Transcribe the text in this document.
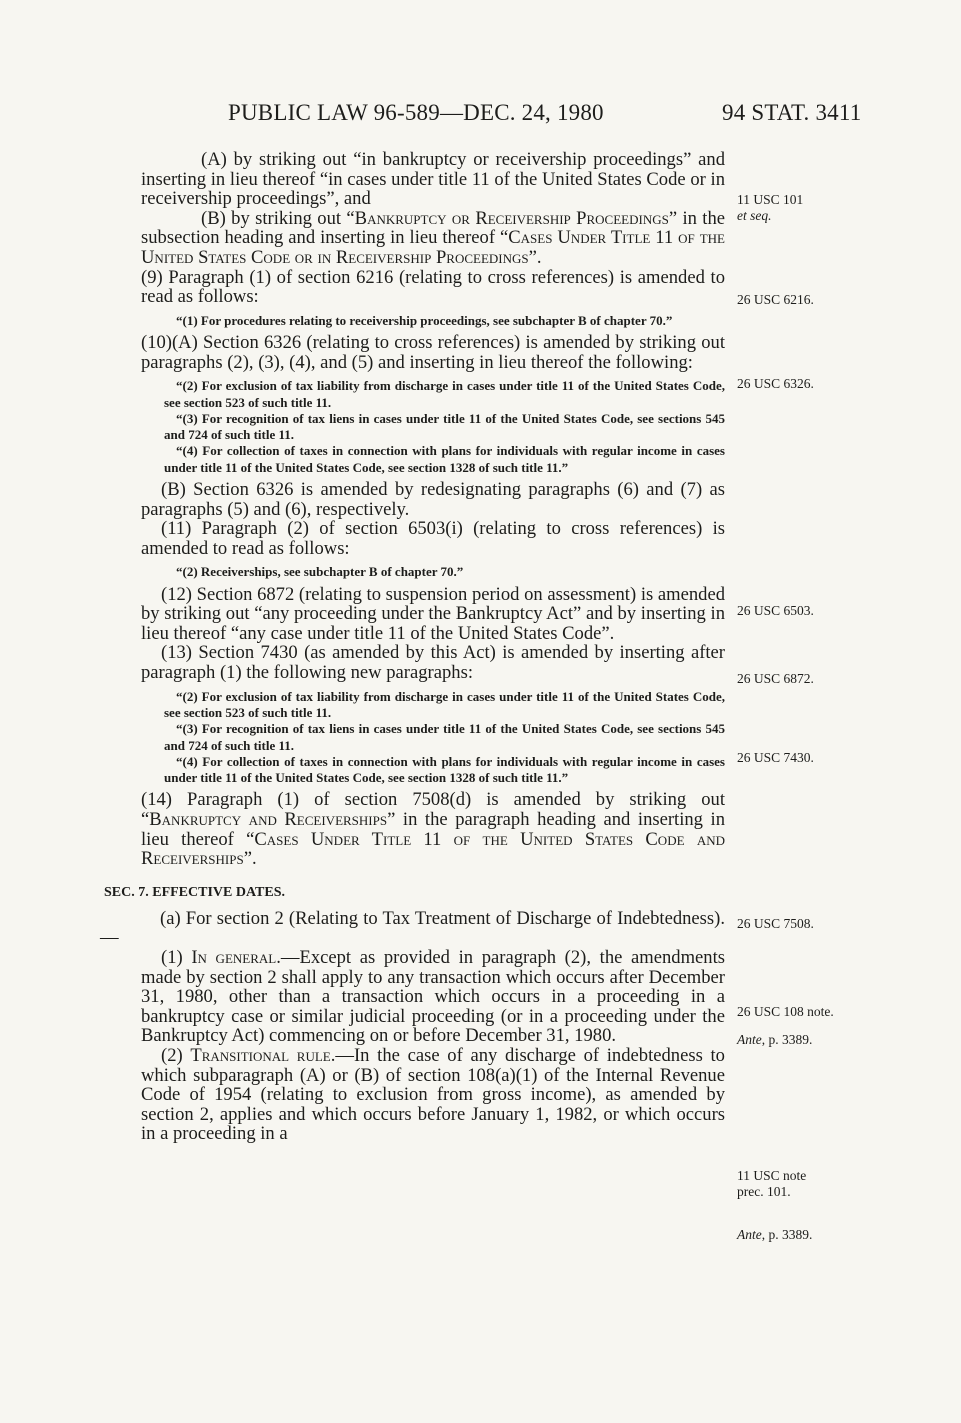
PUBLIC LAW 96-589—DEC. 24, 1980	94 STAT. 3411

(A) by striking out “in bankruptcy or receivership proceedings” and inserting in lieu thereof “in cases under title 11 of the United States Code or in receivership proceedings”, and

(B) by striking out “Bankruptcy or Receivership Proceedings” in the subsection heading and inserting in lieu thereof “Cases Under Title 11 of the United States Code or in Receivership Proceedings”.

(9) Paragraph (1) of section 6216 (relating to cross references) is amended to read as follows:

“(1) For procedures relating to receivership proceedings, see subchapter B of chapter 70.”

(10)(A) Section 6326 (relating to cross references) is amended by striking out paragraphs (2), (3), (4), and (5) and inserting in lieu thereof the following:

“(2) For exclusion of tax liability from discharge in cases under title 11 of the United States Code, see section 523 of such title 11.

“(3) For recognition of tax liens in cases under title 11 of the United States Code, see sections 545 and 724 of such title 11.

“(4) For collection of taxes in connection with plans for individuals with regular income in cases under title 11 of the United States Code, see section 1328 of such title 11.”

(B) Section 6326 is amended by redesignating paragraphs (6) and (7) as paragraphs (5) and (6), respectively.

(11) Paragraph (2) of section 6503(i) (relating to cross references) is amended to read as follows:

“(2) Receiverships, see subchapter B of chapter 70.”

(12) Section 6872 (relating to suspension period on assessment) is amended by striking out “any proceeding under the Bankruptcy Act” and by inserting in lieu thereof “any case under title 11 of the United States Code”.

(13) Section 7430 (as amended by this Act) is amended by inserting after paragraph (1) the following new paragraphs:

“(2) For exclusion of tax liability from discharge in cases under title 11 of the United States Code, see section 523 of such title 11.

“(3) For recognition of tax liens in cases under title 11 of the United States Code, see sections 545 and 724 of such title 11.

“(4) For collection of taxes in connection with plans for individuals with regular income in cases under title 11 of the United States Code, see section 1328 of such title 11.”

(14) Paragraph (1) of section 7508(d) is amended by striking out “Bankruptcy and Receiverships” in the paragraph heading and inserting in lieu thereof “Cases Under Title 11 of the United States Code and Receiverships”.

SEC. 7. EFFECTIVE DATES.

(a) For section 2 (Relating to Tax Treatment of Discharge of Indebtedness).—

(1) In general.—Except as provided in paragraph (2), the amendments made by section 2 shall apply to any transaction which occurs after December 31, 1980, other than a transaction which occurs in a proceeding in a bankruptcy case or similar judicial proceeding (or in a proceeding under the Bankruptcy Act) commencing on or before December 31, 1980.

(2) Transitional rule.—In the case of any discharge of indebtedness to which subparagraph (A) or (B) of section 108(a)(1) of the Internal Revenue Code of 1954 (relating to exclusion from gross income), as amended by section 2, applies and which occurs before January 1, 1982, or which occurs in a proceeding in a

11 USC 101
et seq.
26 USC 6216.
26 USC 6326.
26 USC 6503.
26 USC 6872.
26 USC 7430.
26 USC 7508.
26 USC 108 note.
Ante, p. 3389.
11 USC note
prec. 101.
Ante, p. 3389.
